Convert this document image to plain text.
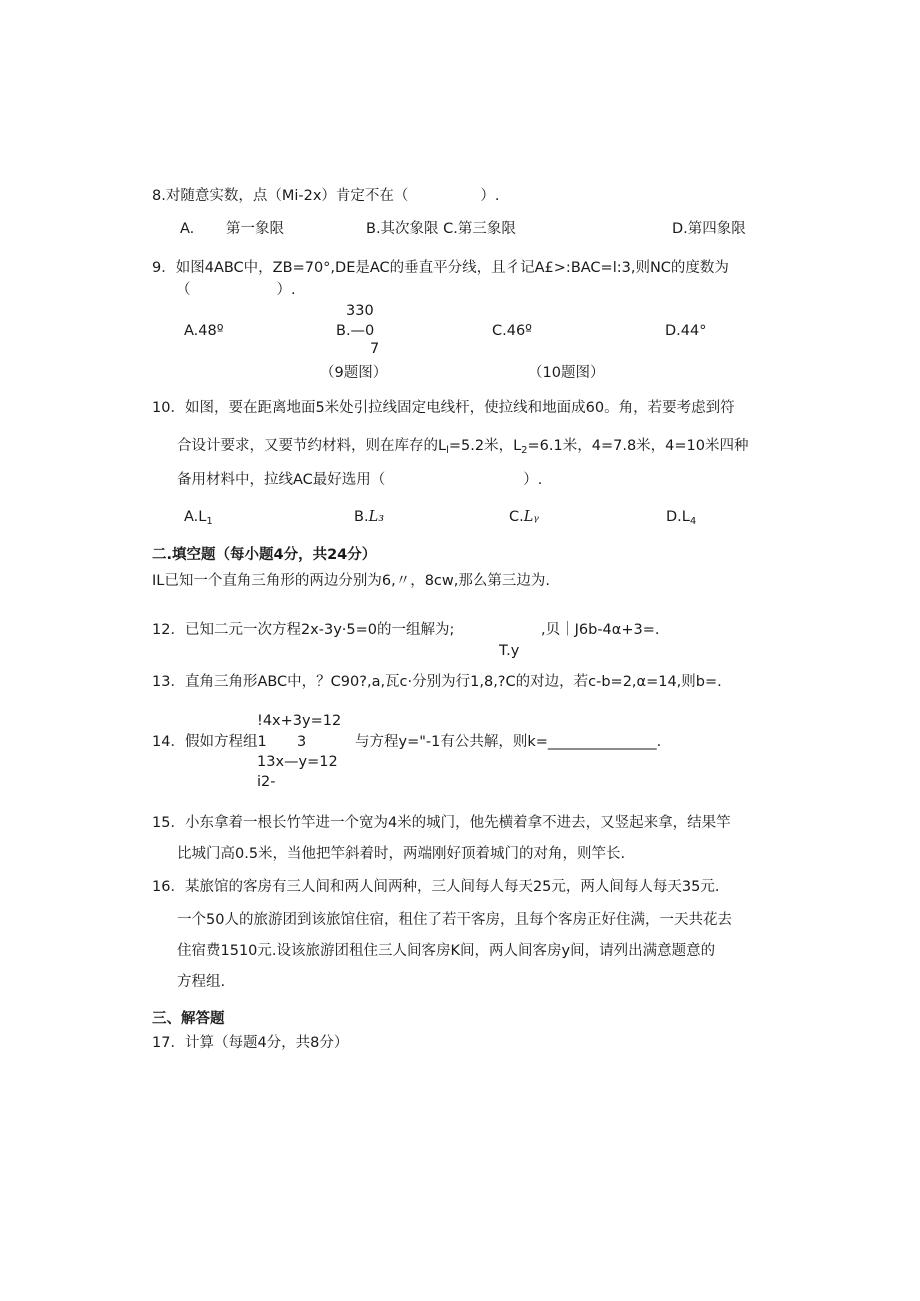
8.对随意实数，点（Mi-2x）肯定不在（	）.
A. 第一象限	B.其次象限 C.第三象限	D.第四象限
9．如图4ABC中，ZB=70°,DE是AC的垂直平分线，且彳记A£>:BAC=l:3,则NC的度数为
（	）.
330
A.48º	B.—0
7
C.46º	D.44°
（9题图）	（10题图）
10．如图，要在距离地面5米处引拉线固定电线杆，使拉线和地面成60。角，若要考虑到符
合设计要求，又要节约材料，则在库存的$L_l=5.2$米，$L_2=6.1$米，4=7.8米，4=10米四种
备用材料中，拉线AC最好选用（	）.
$A.L_1$	B.L₃	C.Lᵧ	$D.L_4$
二.填空题（每小题4分，共24分）
IL已知一个直角三角形的两边分别为6,〃，8cw,那么第三边为.
12．已知二元一次方程2x-3y·5=0的一组解为;	,贝｜J6b-4α+3=.
T.y
13．直角三角形ABC中，？C90?,a,瓦c·分别为行1,8,?C的对边，若c-b=2,α=14,则b=.
!4x+3y=12
14．假如方程组1 3	与方程y="-1有公共解，则k=_______________.
13x—y=12
i2-
15．小东拿着一根长竹竿进一个宽为4米的城门，他先横着拿不进去，又竖起来拿，结果竿
比城门高0.5米，当他把竿斜着时，两端刚好顶着城门的对角，则竿长.
16．某旅馆的客房有三人间和两人间两种，三人间每人每天25元，两人间每人每天35元.
一个50人的旅游团到该旅馆住宿，租住了若干客房，且每个客房正好住满，一天共花去
住宿费1510元.设该旅游团租住三人间客房K间，两人间客房y间，请列出满意题意的
方程组.
三、解答题
17．计算（每题4分，共8分）
